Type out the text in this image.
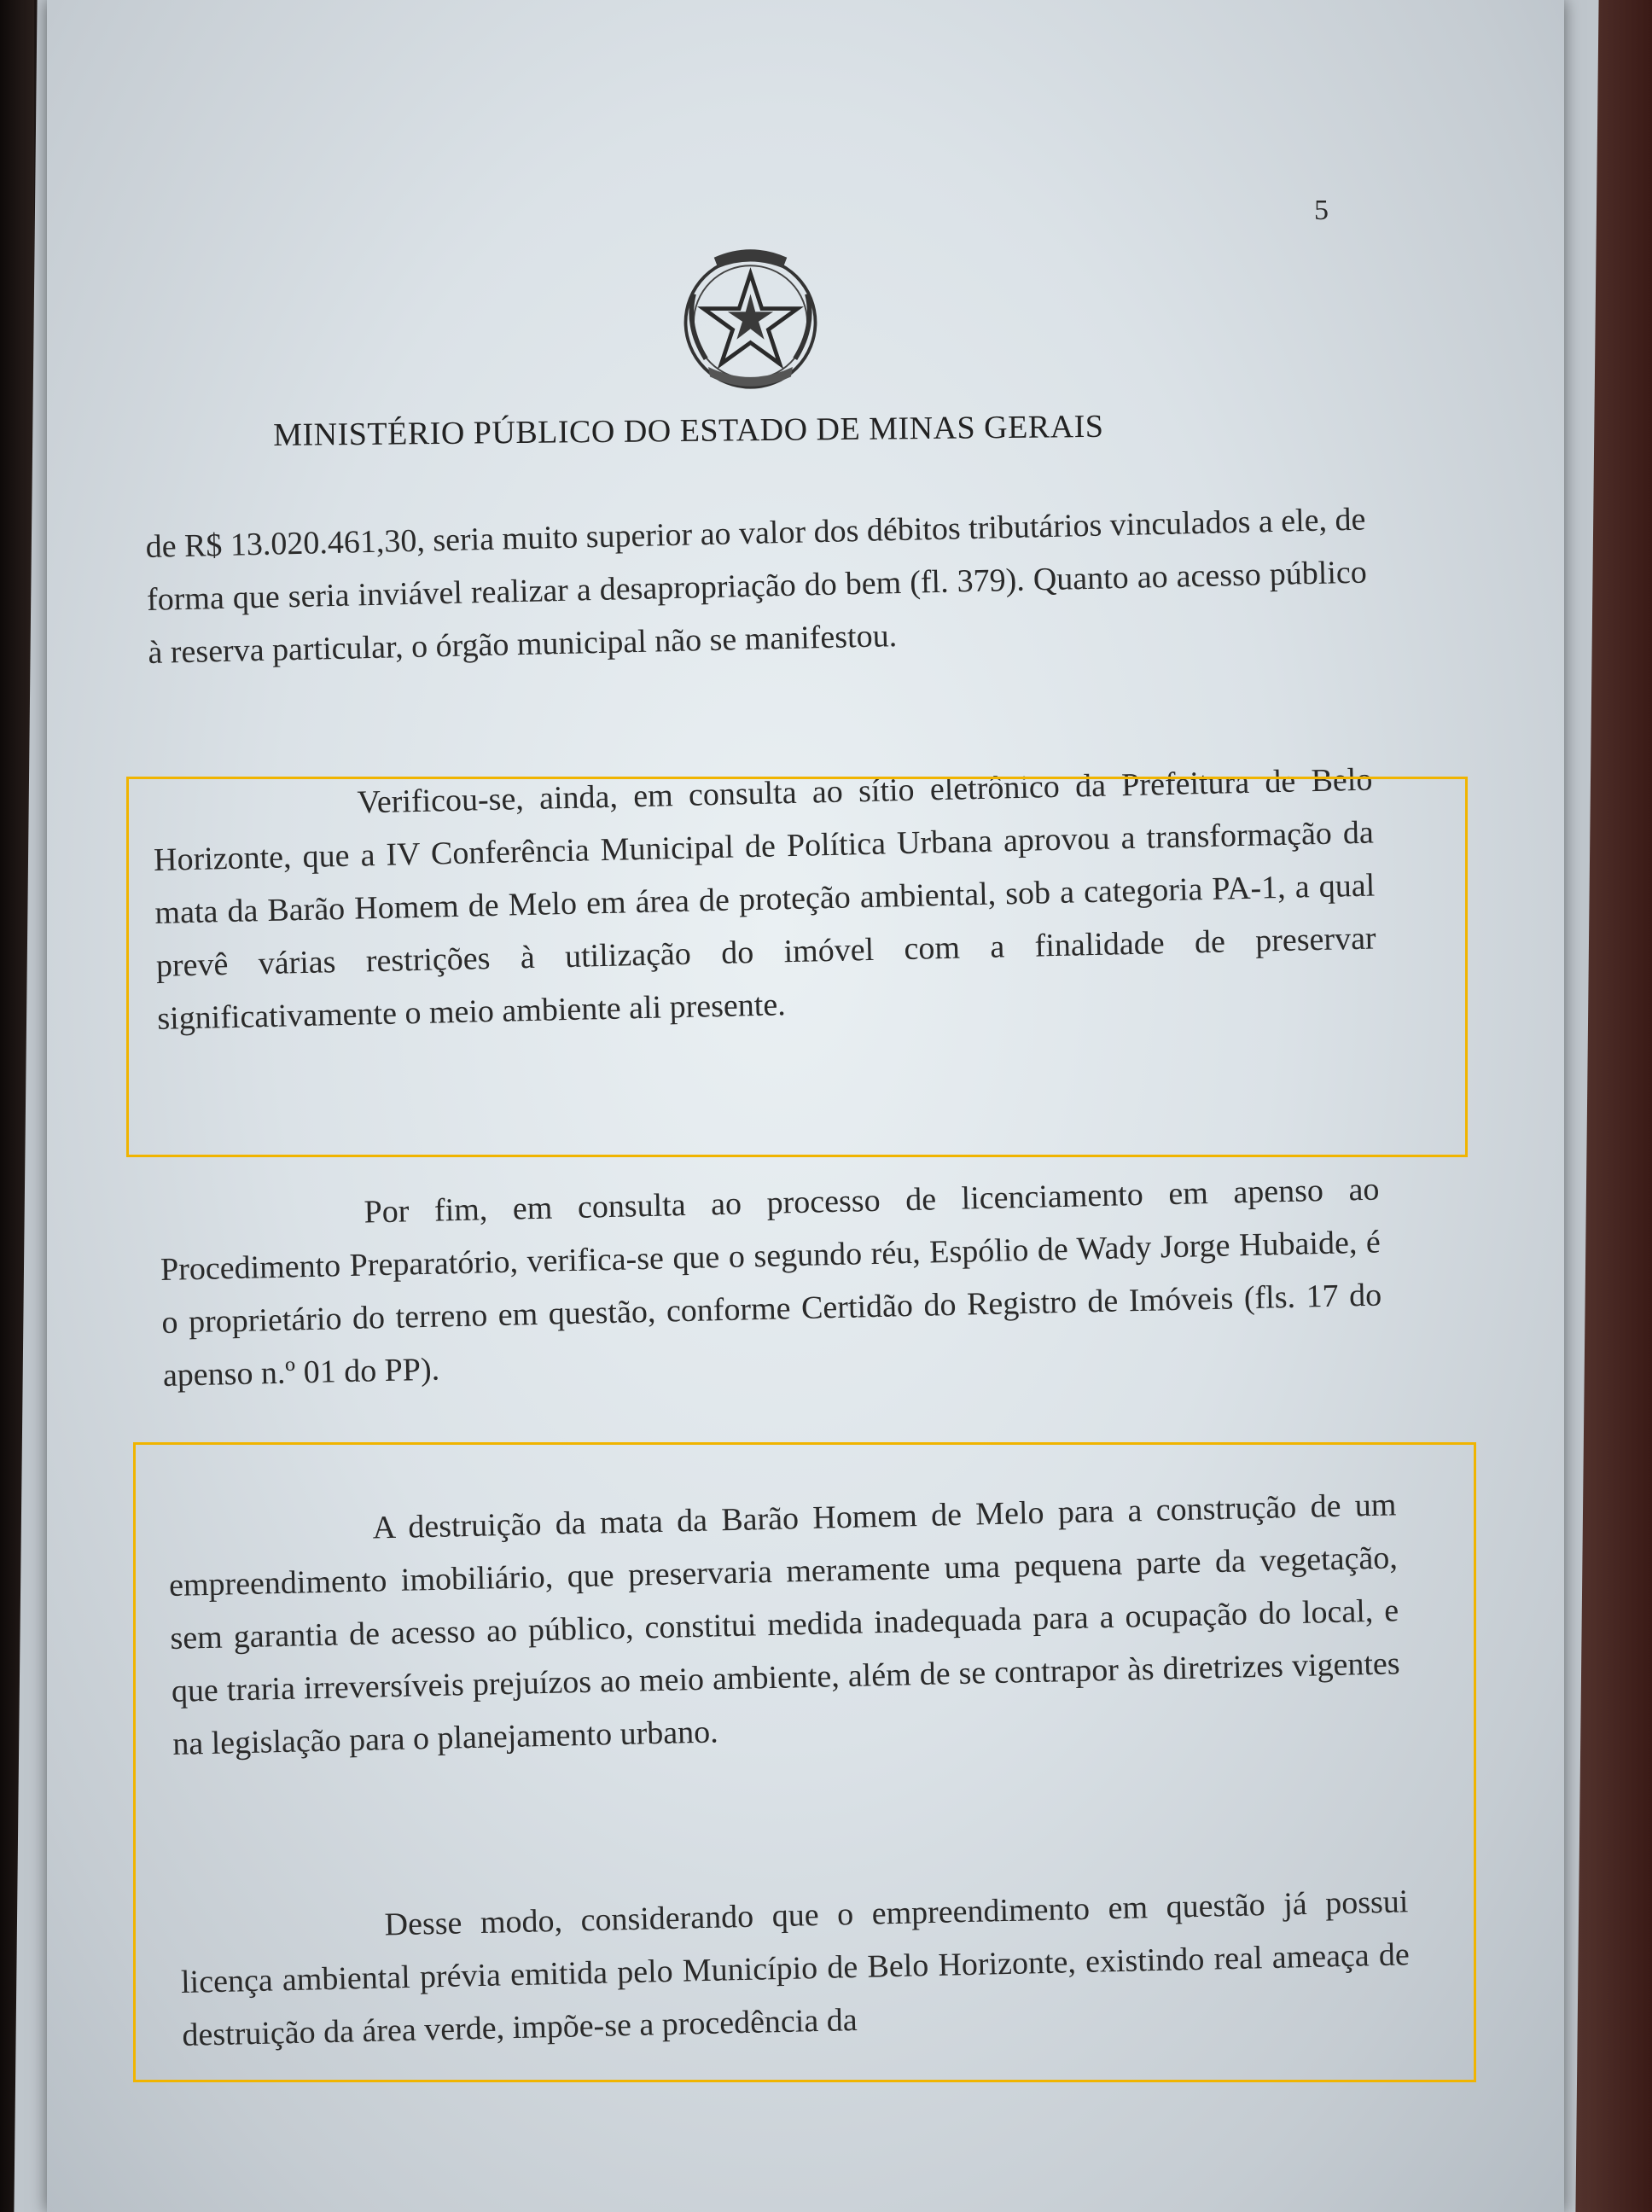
5
MINISTÉRIO PÚBLICO DO ESTADO DE MINAS GERAIS

de R$ 13.020.461,30, seria muito superior ao valor dos débitos tributários vinculados a ele, de forma que seria inviável realizar a desapropriação do bem (fl. 379). Quanto ao acesso público à reserva particular, o órgão municipal não se manifestou.

Verificou-se, ainda, em consulta ao sítio eletrônico da Prefeitura de Belo Horizonte, que a IV Conferência Municipal de Política Urbana aprovou a transformação da mata da Barão Homem de Melo em área de proteção ambiental, sob a categoria PA-1, a qual prevê várias restrições à utilização do imóvel com a finalidade de preservar significativamente o meio ambiente ali presente.

Por fim, em consulta ao processo de licenciamento em apenso ao Procedimento Preparatório, verifica-se que o segundo réu, Espólio de Wady Jorge Hubaide, é o proprietário do terreno em questão, conforme Certidão do Registro de Imóveis (fls. 17 do apenso n.º 01 do PP).

A destruição da mata da Barão Homem de Melo para a construção de um empreendimento imobiliário, que preservaria meramente uma pequena parte da vegetação, sem garantia de acesso ao público, constitui medida inadequada para a ocupação do local, e que traria irreversíveis prejuízos ao meio ambiente, além de se contrapor às diretrizes vigentes na legislação para o planejamento urbano.

Desse modo, considerando que o empreendimento em questão já possui licença ambiental prévia emitida pelo Município de Belo Horizonte, existindo real ameaça de destruição da área verde, impõe-se a procedência da
